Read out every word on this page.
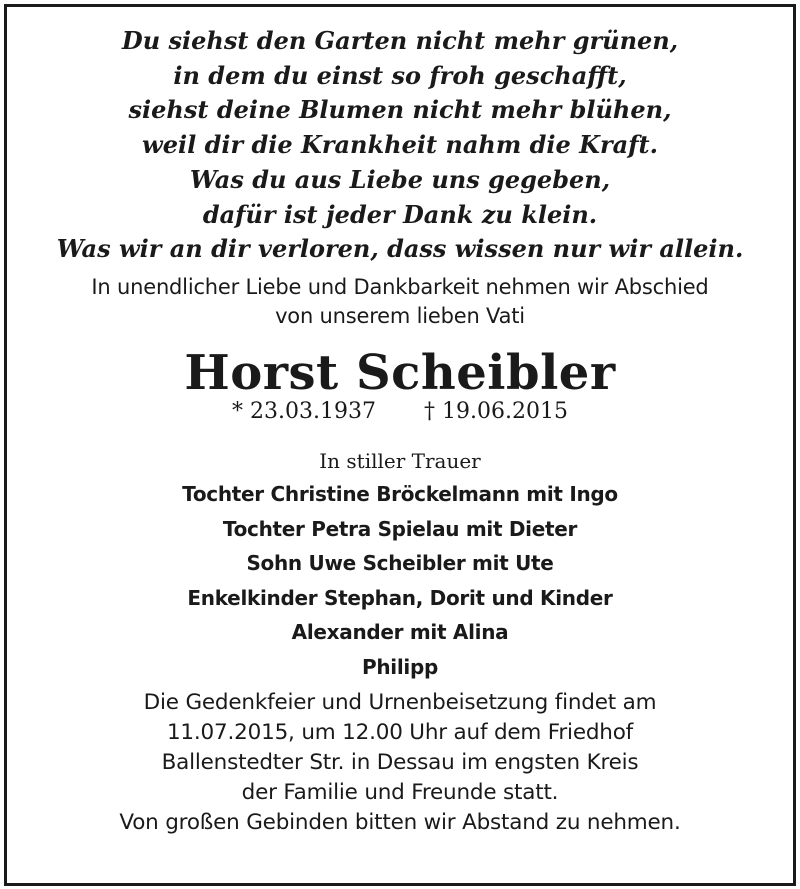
Du siehst den Garten nicht mehr grünen,
in dem du einst so froh geschafft,
siehst deine Blumen nicht mehr blühen,
weil dir die Krankheit nahm die Kraft.
Was du aus Liebe uns gegeben,
dafür ist jeder Dank zu klein.
Was wir an dir verloren, dass wissen nur wir allein.
In unendlicher Liebe und Dankbarkeit nehmen wir Abschied
von unserem lieben Vati
Horst Scheibler
* 23.03.1937 † 19.06.2015
In stiller Trauer
Tochter Christine Bröckelmann mit Ingo
Tochter Petra Spielau mit Dieter
Sohn Uwe Scheibler mit Ute
Enkelkinder Stephan, Dorit und Kinder
Alexander mit Alina
Philipp
Die Gedenkfeier und Urnenbeisetzung findet am
11.07.2015, um 12.00 Uhr auf dem Friedhof
Ballenstedter Str. in Dessau im engsten Kreis
der Familie und Freunde statt.
Von großen Gebinden bitten wir Abstand zu nehmen.
